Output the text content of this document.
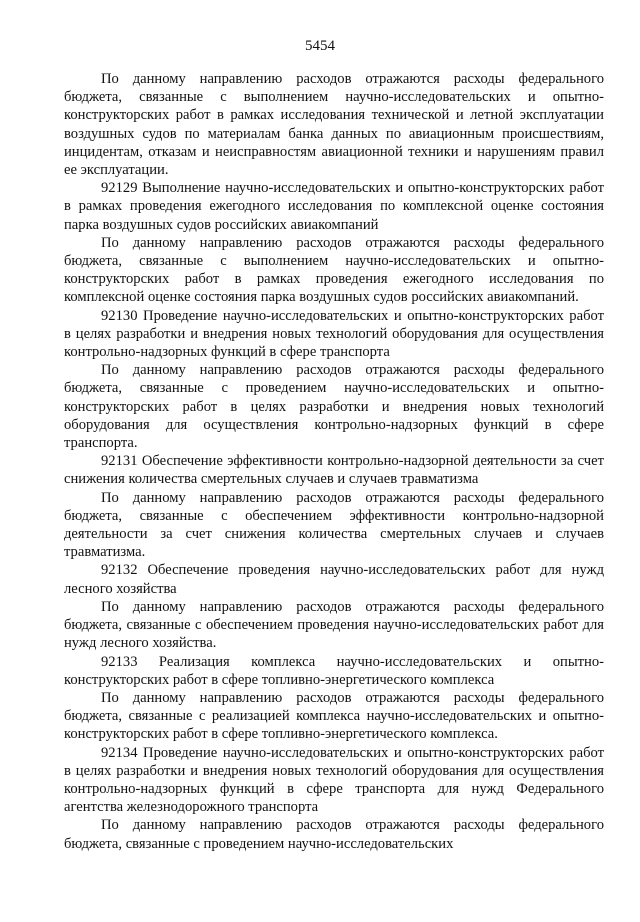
5454

По данному направлению расходов отражаются расходы федерального бюджета, связанные с выполнением научно-исследовательских и опытно-конструкторских работ в рамках исследования технической и летной эксплуатации воздушных судов по материалам банка данных по авиационным происшествиям, инцидентам, отказам и неисправностям авиационной техники и нарушениям правил ее эксплуатации.

92129 Выполнение научно-исследовательских и опытно-конструкторских работ в рамках проведения ежегодного исследования по комплексной оценке состояния парка воздушных судов российских авиакомпаний

По данному направлению расходов отражаются расходы федерального бюджета, связанные с выполнением научно-исследовательских и опытно-конструкторских работ в рамках проведения ежегодного исследования по комплексной оценке состояния парка воздушных судов российских авиакомпаний.

92130 Проведение научно-исследовательских и опытно-конструкторских работ в целях разработки и внедрения новых технологий оборудования для осуществления контрольно-надзорных функций в сфере транспорта

По данному направлению расходов отражаются расходы федерального бюджета, связанные с проведением научно-исследовательских и опытно-конструкторских работ в целях разработки и внедрения новых технологий оборудования для осуществления контрольно-надзорных функций в сфере транспорта.

92131 Обеспечение эффективности контрольно-надзорной деятельности за счет снижения количества смертельных случаев и случаев травматизма

По данному направлению расходов отражаются расходы федерального бюджета, связанные с обеспечением эффективности контрольно-надзорной деятельности за счет снижения количества смертельных случаев и случаев травматизма.

92132 Обеспечение проведения научно-исследовательских работ для нужд лесного хозяйства

По данному направлению расходов отражаются расходы федерального бюджета, связанные с обеспечением проведения научно-исследовательских работ для нужд лесного хозяйства.

92133 Реализация комплекса научно-исследовательских и опытно-конструкторских работ в сфере топливно-энергетического комплекса

По данному направлению расходов отражаются расходы федерального бюджета, связанные с реализацией комплекса научно-исследовательских и опытно-конструкторских работ в сфере топливно-энергетического комплекса.

92134 Проведение научно-исследовательских и опытно-конструкторских работ в целях разработки и внедрения новых технологий оборудования для осуществления контрольно-надзорных функций в сфере транспорта для нужд Федерального агентства железнодорожного транспорта

По данному направлению расходов отражаются расходы федерального бюджета, связанные с проведением научно-исследовательских
